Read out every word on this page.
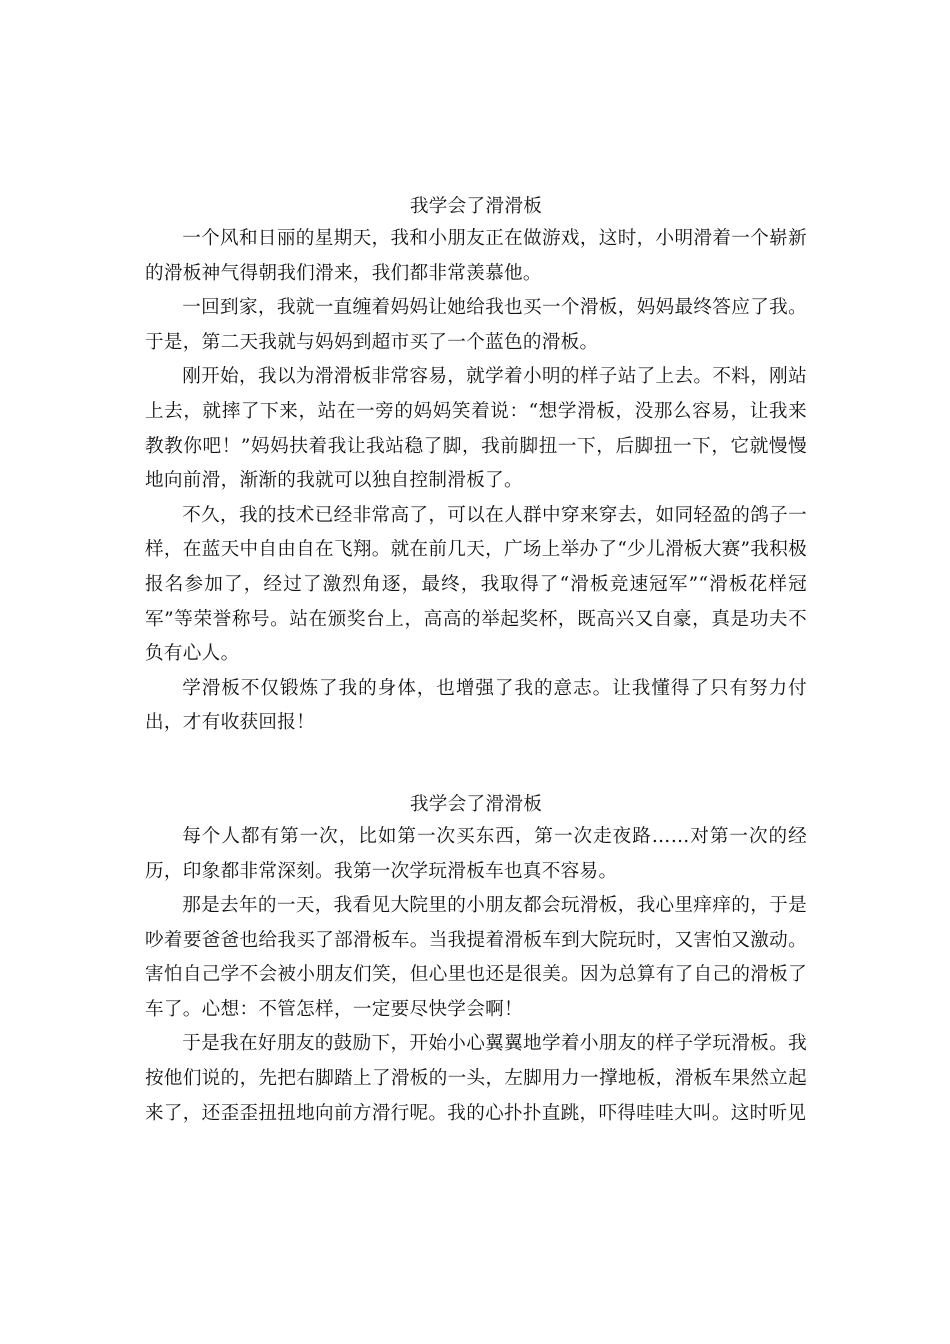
我学会了滑滑板

一个风和日丽的星期天，我和小朋友正在做游戏，这时，小明滑着一个崭新的滑板神气得朝我们滑来，我们都非常羡慕他。

一回到家，我就一直缠着妈妈让她给我也买一个滑板，妈妈最终答应了我。于是，第二天我就与妈妈到超市买了一个蓝色的滑板。

刚开始，我以为滑滑板非常容易，就学着小明的样子站了上去。不料，刚站上去，就摔了下来，站在一旁的妈妈笑着说：“想学滑板，没那么容易，让我来教教你吧！”妈妈扶着我让我站稳了脚，我前脚扭一下，后脚扭一下，它就慢慢地向前滑，渐渐的我就可以独自控制滑板了。

不久，我的技术已经非常高了，可以在人群中穿来穿去，如同轻盈的鸽子一样，在蓝天中自由自在飞翔。就在前几天，广场上举办了“少儿滑板大赛”我积极报名参加了，经过了激烈角逐，最终，我取得了“滑板竞速冠军”“滑板花样冠军”等荣誉称号。站在颁奖台上，高高的举起奖杯，既高兴又自豪，真是功夫不负有心人。

学滑板不仅锻炼了我的身体，也增强了我的意志。让我懂得了只有努力付出，才有收获回报！

我学会了滑滑板

每个人都有第一次，比如第一次买东西，第一次走夜路……对第一次的经历，印象都非常深刻。我第一次学玩滑板车也真不容易。

那是去年的一天，我看见大院里的小朋友都会玩滑板，我心里痒痒的，于是吵着要爸爸也给我买了部滑板车。当我提着滑板车到大院玩时，又害怕又激动。害怕自己学不会被小朋友们笑，但心里也还是很美。因为总算有了自己的滑板了车了。心想：不管怎样，一定要尽快学会啊！

于是我在好朋友的鼓励下，开始小心翼翼地学着小朋友的样子学玩滑板。我按他们说的，先把右脚踏上了滑板的一头，左脚用力一撑地板，滑板车果然立起来了，还歪歪扭扭地向前方滑行呢。我的心扑扑直跳，吓得哇哇大叫。这时听见
